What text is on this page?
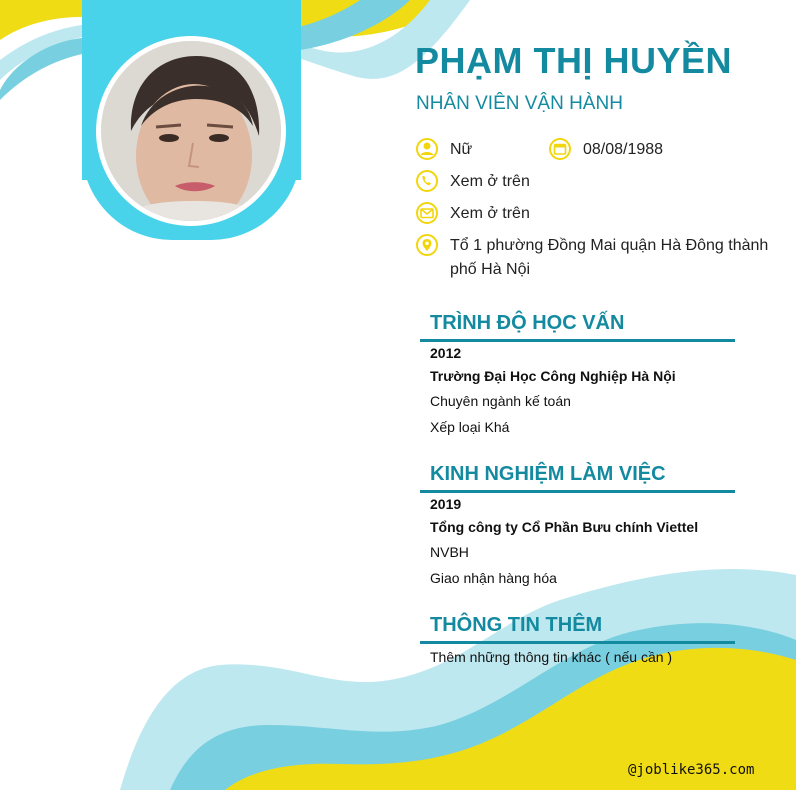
PHẠM THỊ HUYỀN
NHÂN VIÊN VẬN HÀNH
Nữ	08/08/1988
Xem ở trên
Xem ở trên
Tổ 1 phường Đồng Mai quận Hà Đông thành
phố Hà Nội
TRÌNH ĐỘ HỌC VẤN
2012
Trường Đại Học Công Nghiệp Hà Nội
Chuyên ngành kế toán
Xếp loại Khá
KINH NGHIỆM LÀM VIỆC
2019
Tổng công ty Cổ Phần Bưu chính Viettel
NVBH
Giao nhận hàng hóa
THÔNG TIN THÊM
Thêm những thông tin khác ( nếu cần )
@joblike365.com
